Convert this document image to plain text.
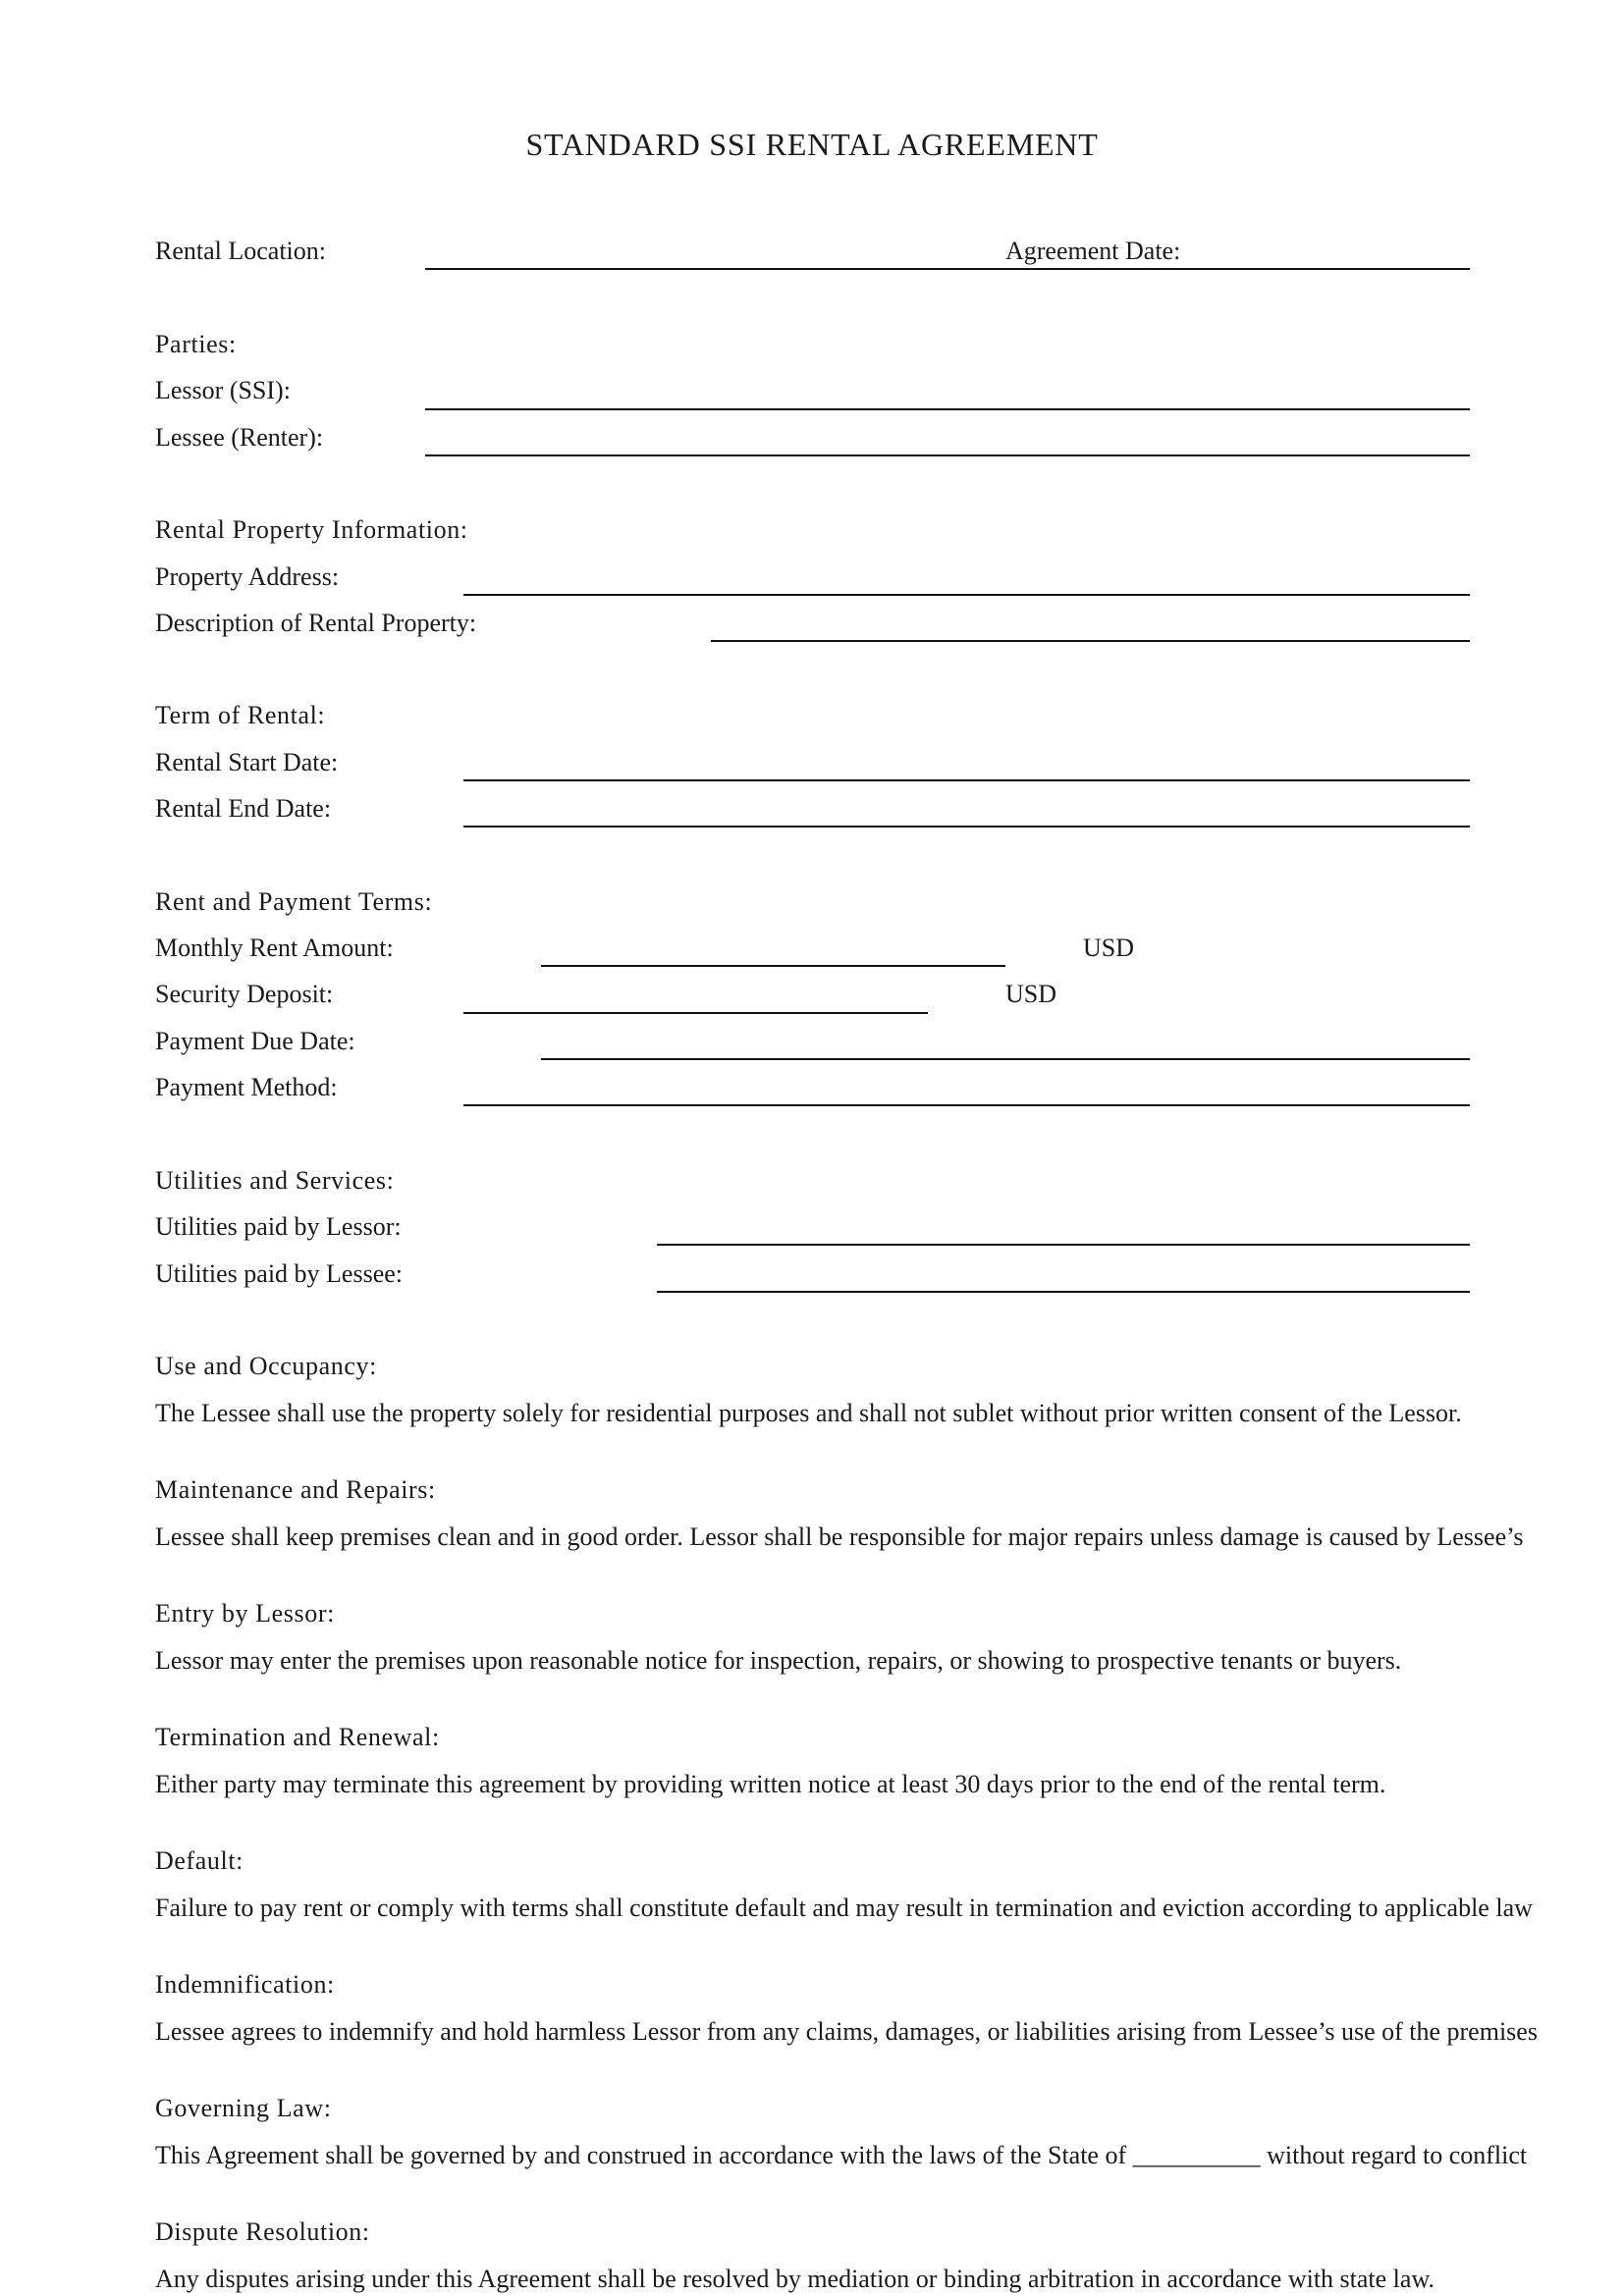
STANDARD SSI RENTAL AGREEMENT
Rental Location:	Agreement Date:
Parties:
Lessor (SSI):
Lessee (Renter):
Rental Property Information:
Property Address:
Description of Rental Property:
Term of Rental:
Rental Start Date:
Rental End Date:
Rent and Payment Terms:
Monthly Rent Amount:	USD
Security Deposit:	USD
Payment Due Date:
Payment Method:
Utilities and Services:
Utilities paid by Lessor:
Utilities paid by Lessee:
Use and Occupancy:
The Lessee shall use the property solely for residential purposes and shall not sublet without prior written consent of the Lessor.
Maintenance and Repairs:
Lessee shall keep premises clean and in good order. Lessor shall be responsible for major repairs unless damage is caused by Lessee’s
Entry by Lessor:
Lessor may enter the premises upon reasonable notice for inspection, repairs, or showing to prospective tenants or buyers.
Termination and Renewal:
Either party may terminate this agreement by providing written notice at least 30 days prior to the end of the rental term.
Default:
Failure to pay rent or comply with terms shall constitute default and may result in termination and eviction according to applicable law
Indemnification:
Lessee agrees to indemnify and hold harmless Lessor from any claims, damages, or liabilities arising from Lessee’s use of the premises
Governing Law:
This Agreement shall be governed by and construed in accordance with the laws of the State of __________ without regard to conflict
Dispute Resolution:
Any disputes arising under this Agreement shall be resolved by mediation or binding arbitration in accordance with state law.
